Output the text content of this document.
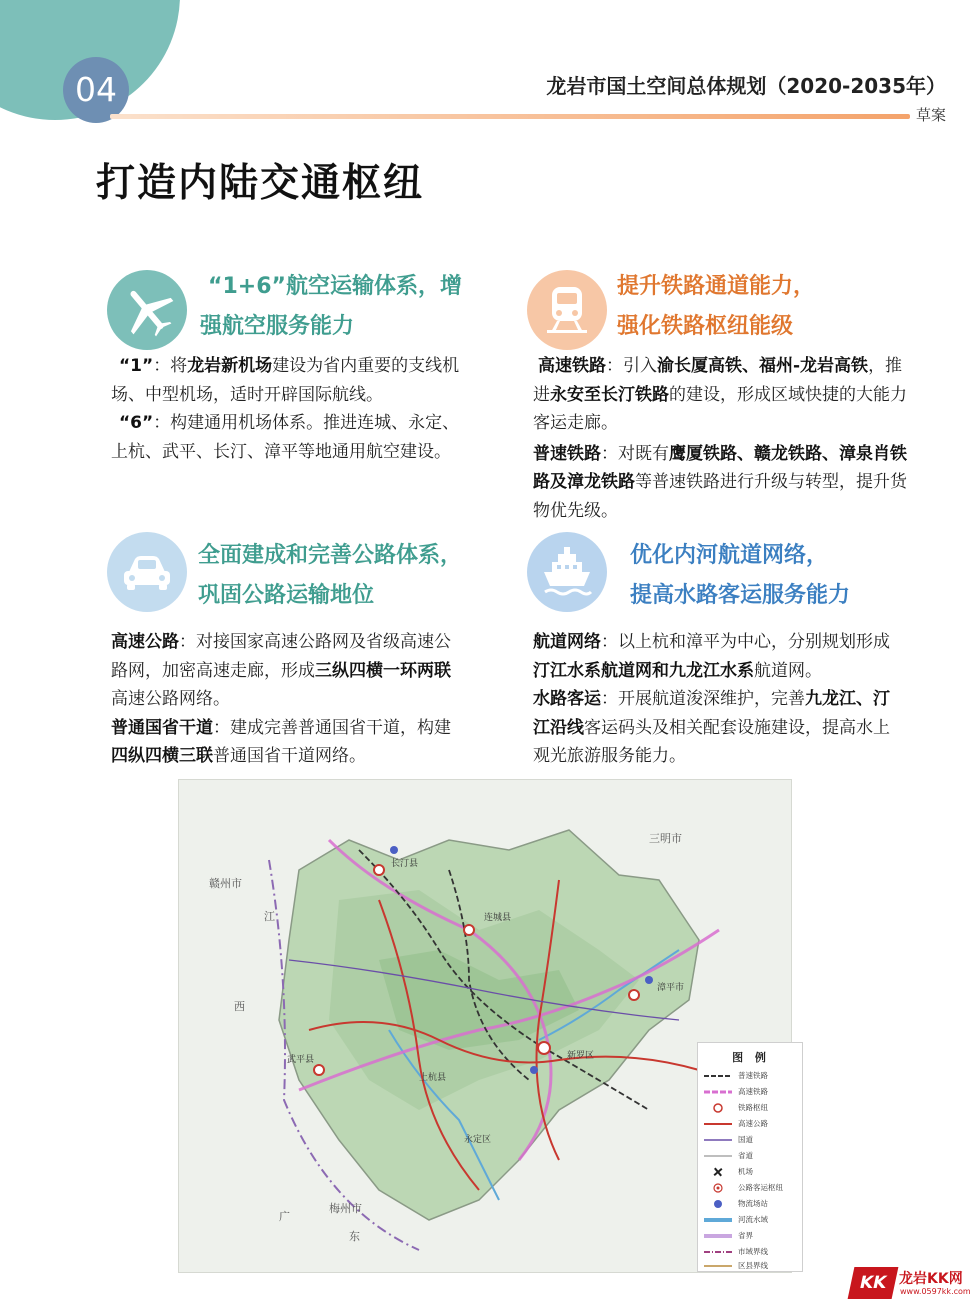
04	龙岩市国土空间总体规划（2020-2035年）
草案
打造内陆交通枢纽
“1+6”航空运输体系，增
强航空服务能力
“1”：将龙岩新机场建设为省内重要的支线机场、中型机场，适时开辟国际航线。
“6”：构建通用机场体系。推进连城、永定、上杭、武平、长汀、漳平等地通用航空建设。
提升铁路通道能力，
强化铁路枢纽能级
高速铁路：引入渝长厦高铁、福州-龙岩高铁，推进永安至长汀铁路的建设，形成区域快捷的大能力客运走廊。
普速铁路：对既有鹰厦铁路、赣龙铁路、漳泉肖铁路及漳龙铁路等普速铁路进行升级与转型，提升货物优先级。
全面建成和完善公路体系，
巩固公路运输地位
高速公路：对接国家高速公路网及省级高速公路网，加密高速走廊，形成三纵四横一环两联高速公路网络。
普通国省干道：建成完善普通国省干道，构建四纵四横三联普通国省干道网络。
优化内河航道网络，
提高水路客运服务能力
航道网络：以上杭和漳平为中心，分别规划形成汀江水系航道网和九龙江水系航道网。
水路客运：开展航道浚深维护，完善九龙江、汀江沿线客运码头及相关配套设施建设，提高水上观光旅游服务能力。
长汀县
连城县
漳平市
新罗区
上杭县
武平县
永定区
三明市
赣州市
梅州市
江
西
广
东
图 例
普速铁路
高速铁路
铁路枢纽
高速公路
国道
省道
机场
公路客运枢纽
物流场站
河流水域
省界
市域界线
区县界线
KK 龙岩KK网
www.0597kk.com
